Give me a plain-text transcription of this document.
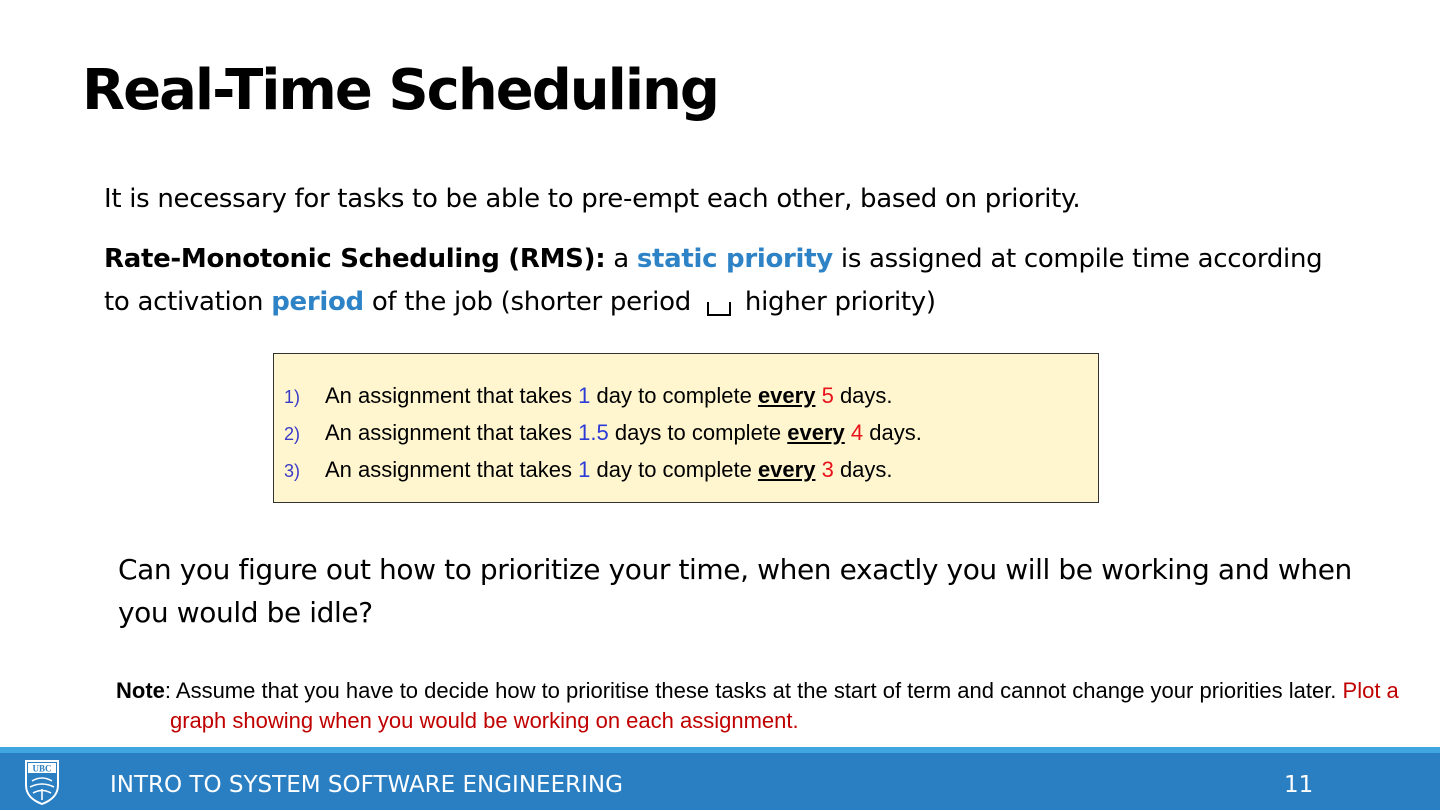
Real-Time Scheduling
It is necessary for tasks to be able to pre-empt each other, based on priority.
Rate-Monotonic Scheduling (RMS): a static priority is assigned at compile time according to activation period of the job (shorter period higher priority)
1) An assignment that takes 1 day to complete every 5 days.
2) An assignment that takes 1.5 days to complete every 4 days.
3) An assignment that takes 1 day to complete every 3 days.
Can you figure out how to prioritize your time, when exactly you will be working and when you would be idle?
Note: Assume that you have to decide how to prioritise these tasks at the start of term and cannot change your priorities later. Plot a graph showing when you would be working on each assignment.
UBC
INTRO TO SYSTEM SOFTWARE ENGINEERING	11
